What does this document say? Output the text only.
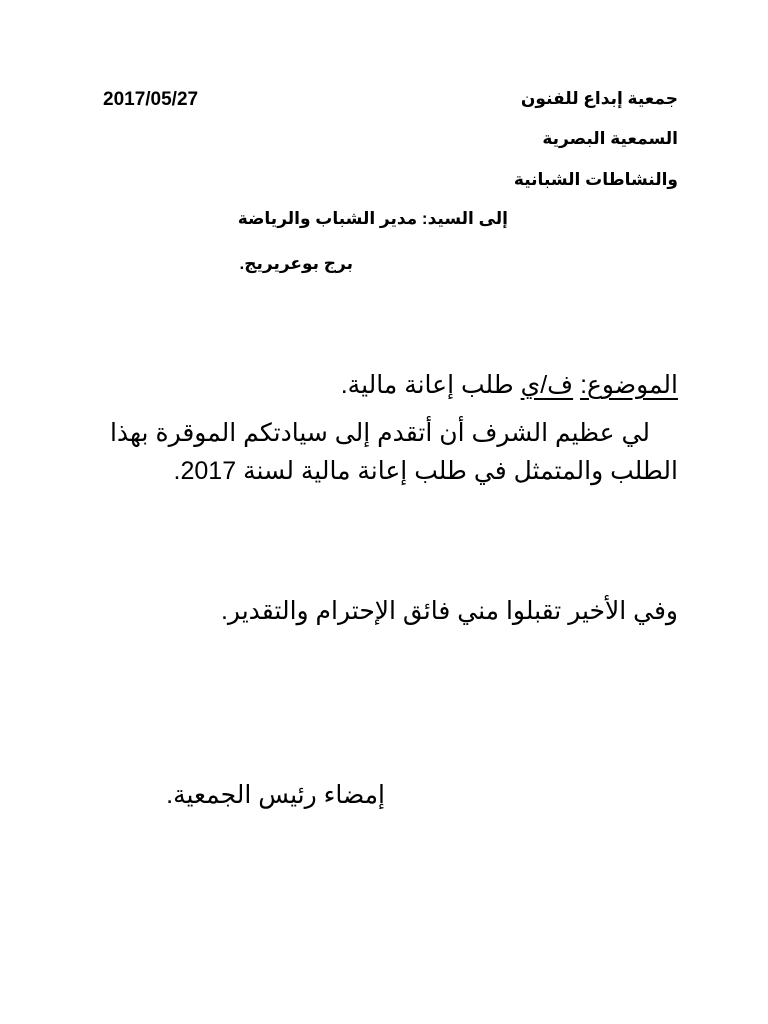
2017/05/27	جمعية إبداع للفنون
السمعية البصرية
والنشاطات الشبانية
إلى السيد: مدير الشباب والرياضة
برج بوعريريج.
الموضوع: ف/ي طلب إعانة مالية.
لي عظيم الشرف أن أتقدم إلى سيادتكم الموقرة بهذا
الطلب والمتمثل في طلب إعانة مالية لسنة 2017.
وفي الأخير تقبلوا مني فائق الإحترام والتقدير.
إمضاء رئيس الجمعية.
